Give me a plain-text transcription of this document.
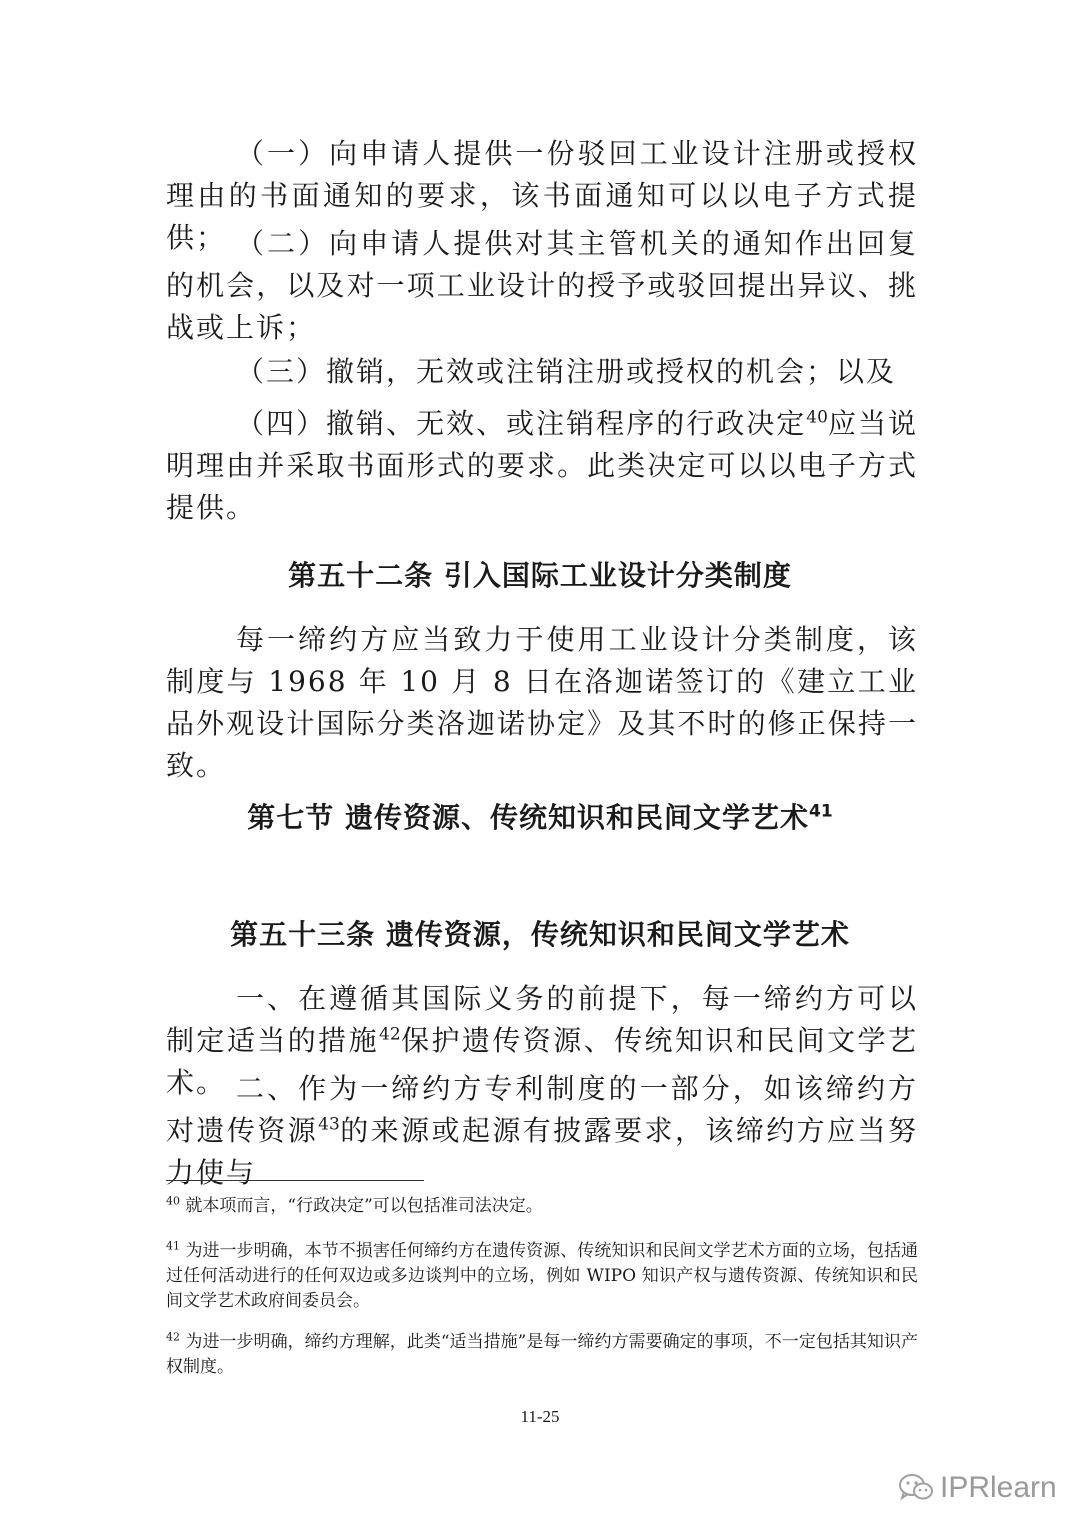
（一）向申请人提供一份驳回工业设计注册或授权理由的书面通知的要求，该书面通知可以以电子方式提供； （二）向申请人提供对其主管机关的通知作出回复的机会，以及对一项工业设计的授予或驳回提出异议、挑战或上诉；

（三）撤销，无效或注销注册或授权的机会；以及

（四）撤销、无效、或注销程序的行政决定$^{40}$应当说明理由并采取书面形式的要求。此类决定可以以电子方式提供。

第五十二条 引入国际工业设计分类制度

每一缔约方应当致力于使用工业设计分类制度，该制度与 1968 年 10 月 8 日在洛迦诺签订的《建立工业品外观设计国际分类洛迦诺协定》及其不时的修正保持一致。

第七节 遗传资源、传统知识和民间文学艺术$^{41}$
第五十三条 遗传资源，传统知识和民间文学艺术

一、在遵循其国际义务的前提下，每一缔约方可以制定适当的措施$^{42}$保护遗传资源、传统知识和民间文学艺术。 二、作为一缔约方专利制度的一部分，如该缔约方对遗传资源$^{43}$的来源或起源有披露要求，该缔约方应当努力使与

$^{40}$ 就本项而言，“行政决定”可以包括准司法决定。

$^{41}$ 为进一步明确，本节不损害任何缔约方在遗传资源、传统知识和民间文学艺术方面的立场，包括通过任何活动进行的任何双边或多边谈判中的立场，例如 WIPO 知识产权与遗传资源、传统知识和民间文学艺术政府间委员会。

$^{42}$ 为进一步明确，缔约方理解，此类“适当措施”是每一缔约方需要确定的事项，不一定包括其知识产权制度。

11-25

IPRlearn
